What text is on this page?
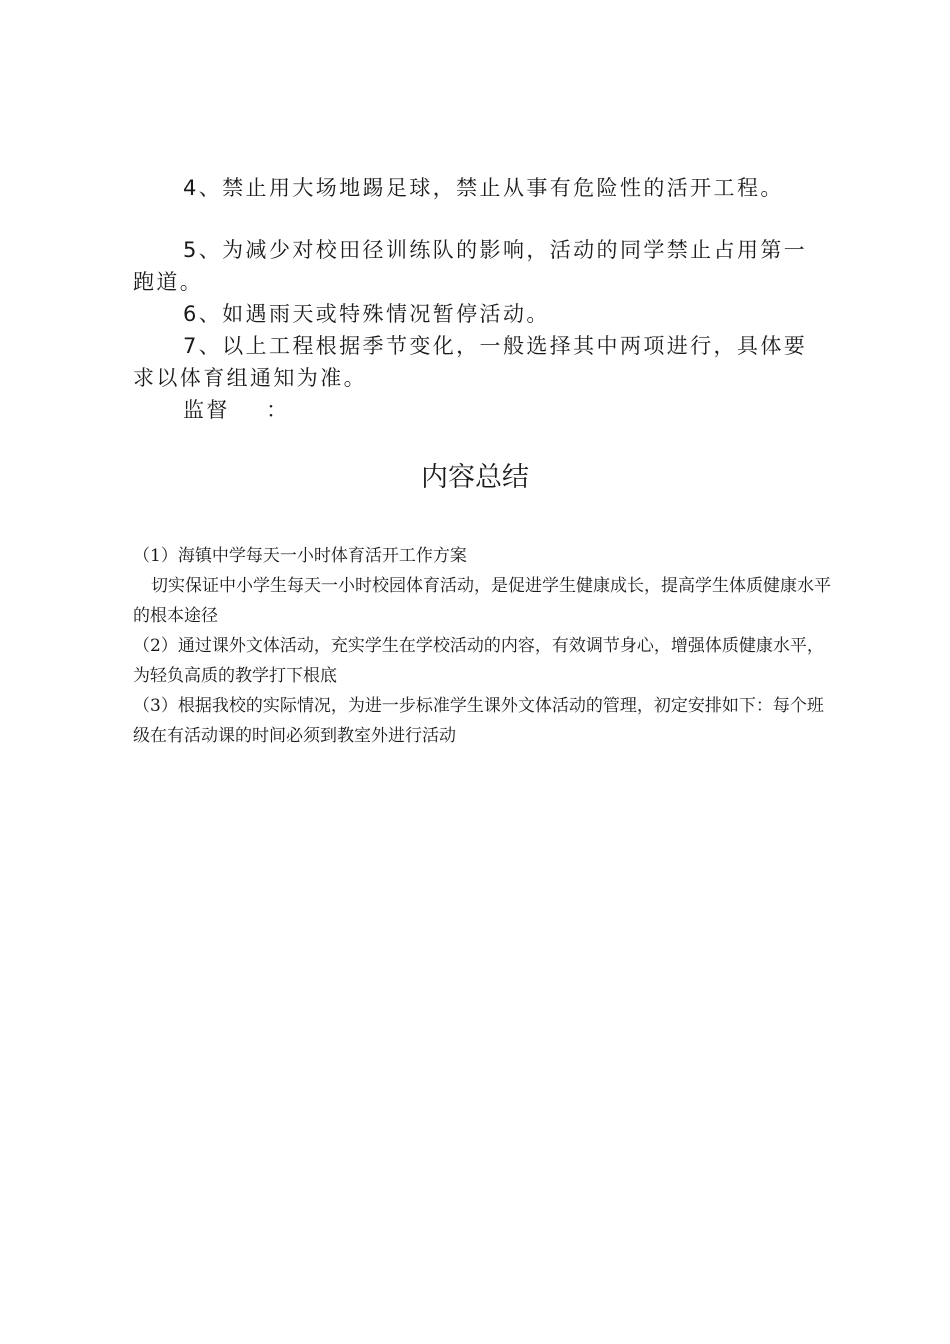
4、禁止用大场地踢足球，禁止从事有危险性的活开工程。

5、为减少对校田径训练队的影响，活动的同学禁止占用第一跑道。

6、如遇雨天或特殊情况暂停活动。

7、以上工程根据季节变化，一般选择其中两项进行，具体要求以体育组通知为准。

监督    ：

内容总结

（1）海镇中学每天一小时体育活开工作方案

切实保证中小学生每天一小时校园体育活动，是促进学生健康成长，提高学生体质健康水平的根本途径

（2）通过课外文体活动，充实学生在学校活动的内容，有效调节身心，增强体质健康水平，为轻负高质的教学打下根底

（3）根据我校的实际情况，为进一步标准学生课外文体活动的管理，初定安排如下：每个班级在有活动课的时间必须到教室外进行活动
